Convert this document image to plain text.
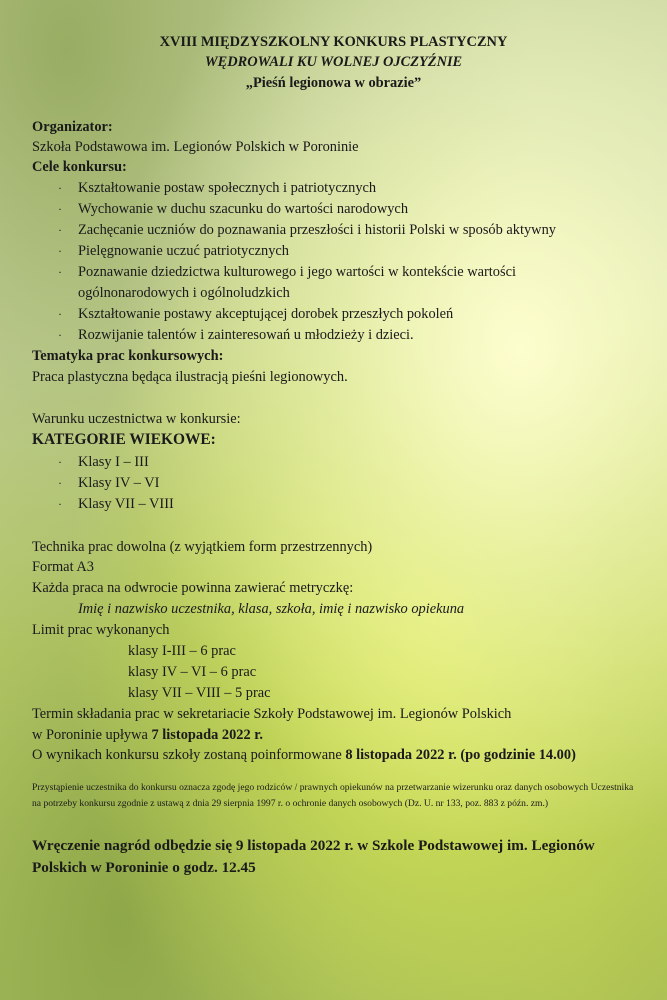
XVIII MIĘDZYSZKOLNY KONKURS PLASTYCZNY
WĘDROWALI KU WOLNEJ OJCZYŹNIE
„Pieśń legionowa w obrazie”
Organizator:
Szkoła Podstawowa im. Legionów Polskich w Poroninie
Cele konkursu:
· Kształtowanie postaw społecznych i patriotycznych
· Wychowanie w duchu szacunku do wartości narodowych
· Zachęcanie uczniów do poznawania przeszłości i historii Polski w sposób aktywny
· Pielęgnowanie uczuć patriotycznych
· Poznawanie dziedzictwa kulturowego i jego wartości w kontekście wartości
ogólnonarodowych i ogólnoludzkich
· Kształtowanie postawy akceptującej dorobek przeszłych pokoleń
· Rozwijanie talentów i zainteresowań u młodzieży i dzieci.
Tematyka prac konkursowych:
Praca plastyczna będąca ilustracją pieśni legionowych.
Warunku uczestnictwa w konkursie:
KATEGORIE WIEKOWE:
· Klasy I – III
· Klasy IV – VI
· Klasy VII – VIII
Technika prac dowolna (z wyjątkiem form przestrzennych)
Format A3
Każda praca na odwrocie powinna zawierać metryczkę:
Imię i nazwisko uczestnika, klasa, szkoła, imię i nazwisko opiekuna
Limit prac wykonanych
klasy I-III – 6 prac
klasy IV – VI – 6 prac
klasy VII – VIII – 5 prac
Termin składania prac w sekretariacie Szkoły Podstawowej im. Legionów Polskich
w Poroninie upływa 7 listopada 2022 r.
O wynikach konkursu szkoły zostaną poinformowane 8 listopada 2022 r. (po godzinie 14.00)
Przystąpienie uczestnika do konkursu oznacza zgodę jego rodziców / prawnych opiekunów na przetwarzanie wizerunku oraz danych osobowych Uczestnika na potrzeby konkursu zgodnie z ustawą z dnia 29 sierpnia 1997 r. o ochronie danych osobowych (Dz. U. nr 133, poz. 883 z późn. zm.)
Wręczenie nagród odbędzie się 9 listopada 2022 r. w Szkole Podstawowej im. Legionów Polskich w Poroninie o godz. 12.45
